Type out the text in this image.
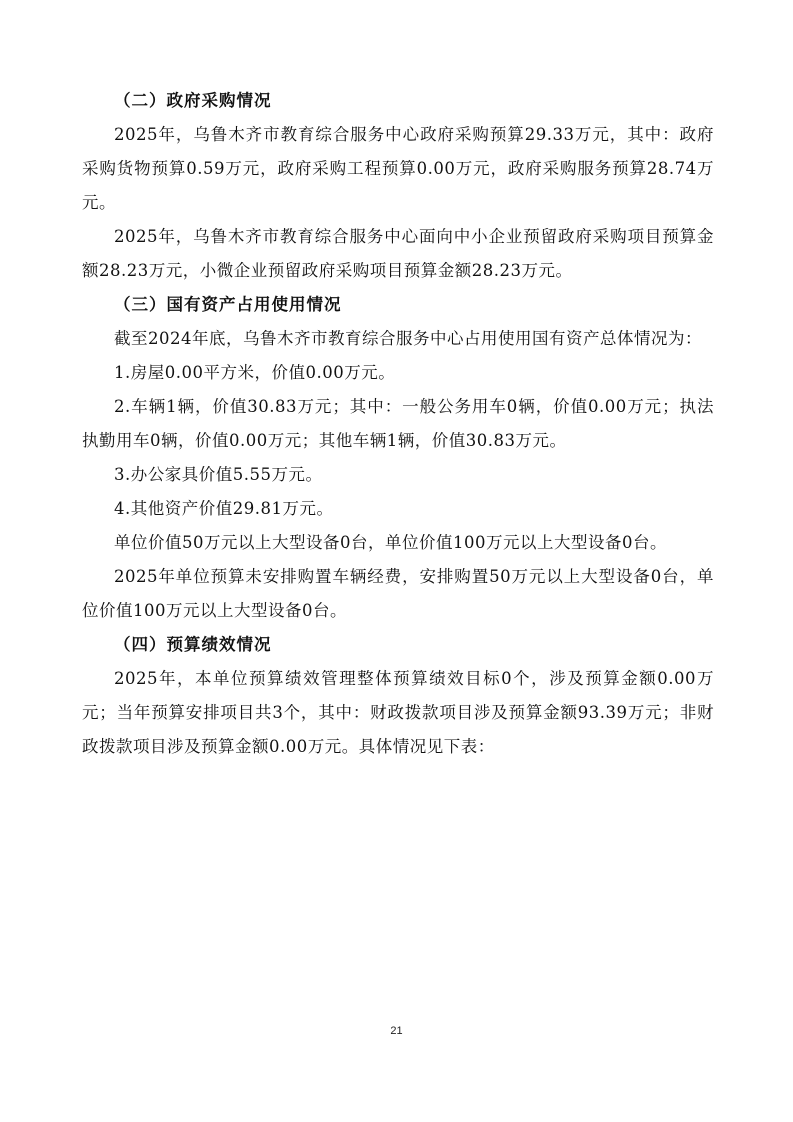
（二）政府采购情况

2025年，乌鲁木齐市教育综合服务中心政府采购预算29.33万元，其中：政府采购货物预算0.59万元，政府采购工程预算0.00万元，政府采购服务预算28.74万元。

2025年，乌鲁木齐市教育综合服务中心面向中小企业预留政府采购项目预算金额28.23万元，小微企业预留政府采购项目预算金额28.23万元。

（三）国有资产占用使用情况

截至2024年底，乌鲁木齐市教育综合服务中心占用使用国有资产总体情况为：

1.房屋0.00平方米，价值0.00万元。

2.车辆1辆，价值30.83万元；其中：一般公务用车0辆，价值0.00万元；执法执勤用车0辆，价值0.00万元；其他车辆1辆，价值30.83万元。

3.办公家具价值5.55万元。

4.其他资产价值29.81万元。

单位价值50万元以上大型设备0台，单位价值100万元以上大型设备0台。

2025年单位预算未安排购置车辆经费，安排购置50万元以上大型设备0台，单位价值100万元以上大型设备0台。

（四）预算绩效情况

2025年，本单位预算绩效管理整体预算绩效目标0个，涉及预算金额0.00万元；当年预算安排项目共3个，其中：财政拨款项目涉及预算金额93.39万元；非财政拨款项目涉及预算金额0.00万元。具体情况见下表：

21
